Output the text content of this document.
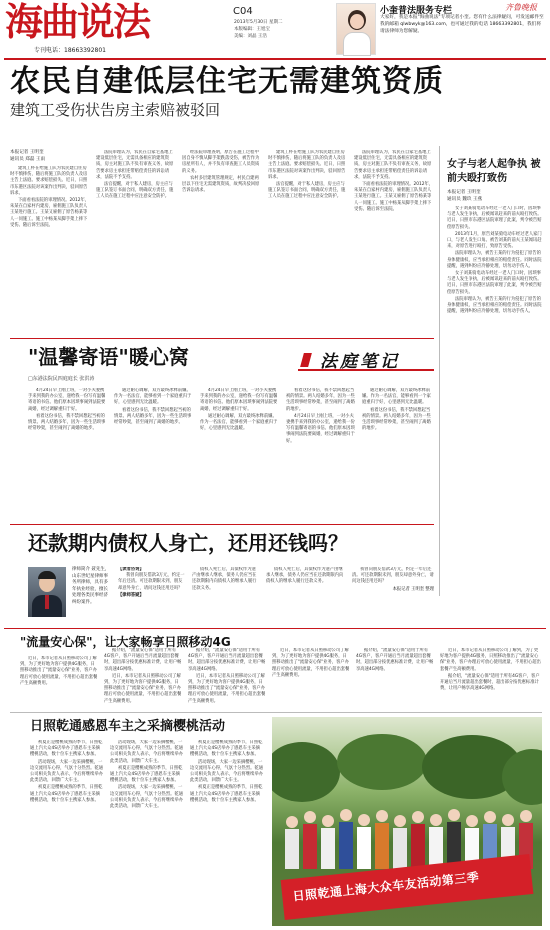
海曲说法
专刊电话：18663392801
C04
2013年5月30日 星期二
本版编辑：王旭宝
美编：刘晶 王浩
小奎普法服务专栏	齐鲁晚报
大家好，我是本报"海曲说法"专项记者小奎。您有什么法律疑问，可发送邮件至我的邮箱 qlwbwyk@163.com，也可通过我的电话 18663392801，我们将请法律师为您解疑。
农民自建低层住宅无需建筑资质
建筑工受伤状告房主索赔被驳回
本报记者 王明奎
通讯员 郑磊 王雨

建筑工杯在给施工队为农民建自住房时不慎摔伤，随后将施工队的负责人及房主告上法庭。要求赔偿损失。近日，日照市东港区法院对该案作出判决，驳回原告诉求。

下面看看法院的审理情况。2012年，朱某在自家村内建房，雇佣施工队负责人王某进行施工。王某又雇佣了原告杨某等人一同施工。施工中杨某从脚手架上摔下受伤。随后诉至法院。

法院审理认为，农民在自家宅基地上建设低层住宅，无需具备相应的建筑资质，房主对施工队不负有审查义务，故原告要求房主承担连带赔偿责任的诉讼请求，法院不予支持。

法官提醒，对于私人建房，房主应与施工队签订书面合同，明确双方责任，施工人员在施工过程中应注意安全防护。

经法院审理查明，原告在施工过程中因自身不慎从脚手架跌落受伤，被告作为房屋所有人，并不负有审查施工人员资质的义务。

农村多层建筑管理规定，村民自建两层以下住宅无需建筑资质，故判决驳回原告诉讼请求。

建筑工杯在给施工队为农民建自住房时不慎摔伤，随后将施工队的负责人及房主告上法庭。要求赔偿损失。近日，日照市东港区法院对该案作出判决，驳回原告诉求。

法官提醒，对于私人建房，房主应与施工队签订书面合同，明确双方责任，施工人员在施工过程中应注意安全防护。

法院审理认为，农民在自家宅基地上建设低层住宅，无需具备相应的建筑资质，房主对施工队不负有审查义务，故原告要求房主承担连带赔偿责任的诉讼请求，法院不予支持。

下面看看法院的审理情况。2012年，朱某在自家村内建房，雇佣施工队负责人王某进行施工。王某又雇佣了原告杨某等人一同施工。施工中杨某从脚手架上摔下受伤。随后诉至法院。

女子与老人起争执 被前夫殴打致伤
本报记者 王明奎
通讯员 魏玖 王燕

女子刘某骑电动车经过一老人门口时，因琐事与老人发生争执，后被闻讯赶来的前夫殴打致伤。近日，日照市东港区法院审理了此案，判令被告赔偿原告损失。

2013年1月，原告刘某骑电动车经过老人家门口，与老人发生口角。被告刘某的前夫王某闻讯赶来，对原告进行殴打，致原告受伤。

法院审理认为，被告王某的行为侵犯了原告的身体健康权，应当承担相应的赔偿责任。同时法院提醒，遇到纠纷应冷静处理，切勿动手伤人。

女子刘某骑电动车经过一老人门口时，因琐事与老人发生争执，后被闻讯赶来的前夫殴打致伤。近日，日照市东港区法院审理了此案，判令被告赔偿原告损失。

法院审理认为，被告王某的行为侵犯了原告的身体健康权，应当承担相应的赔偿责任。同时法院提醒，遇到纠纷应冷静处理，切勿动手伤人。

"温馨寄语"暖心窝
□东港法院民四庭庭长 张洪涛
法庭笔记

4月24日早上刚上班，一对小夫妻携手来到我的办公室，递给我一份写有温馨寄语的书信。他们原本因琐事闹到法院要离婚，经过调解重归于好。

看着这份书信，我不禁回想起当初的情景。两人结婚多年，因为一些生活琐事经常吵架，甚至闹到了离婚的地步。

通过耐心调解，双方最终冰释前嫌。作为一名法官，能够看到一个家庭重归于好，心里感到无比温暖。

看着这份书信，我不禁回想起当初的情景。两人结婚多年，因为一些生活琐事经常吵架，甚至闹到了离婚的地步。

4月24日早上刚上班，一对小夫妻携手来到我的办公室，递给我一份写有温馨寄语的书信。他们原本因琐事闹到法院要离婚，经过调解重归于好。

通过耐心调解，双方最终冰释前嫌。作为一名法官，能够看到一个家庭重归于好，心里感到无比温暖。

看着这份书信，我不禁回想起当初的情景。两人结婚多年，因为一些生活琐事经常吵架，甚至闹到了离婚的地步。

4月24日早上刚上班，一对小夫妻携手来到我的办公室，递给我一份写有温馨寄语的书信。他们原本因琐事闹到法院要离婚，经过调解重归于好。

通过耐心调解，双方最终冰释前嫌。作为一名法官，能够看到一个家庭重归于好，心里感到无比温暖。

看着这份书信，我不禁回想起当初的情景。两人结婚多年，因为一些生活琐事经常吵架，甚至闹到了离婚的地步。

还款期内债权人身亡，还用还钱吗？
律师简介 聂先生，山东世纪星律师事务所律师，具有多年执业经验，擅长处理各类民事经济纠纷案件。
【读者咨询】

我曾向朋友借款3万元，约定一年后还清。可还款期限未到，朋友却意外身亡，请问这钱还用还吗？

【律师答疑】

债权人死亡后，其债权作为遗产由继承人继承，债务人仍应当在还款期限内向债权人的继承人履行还款义务。

债权人死亡后，其债权作为遗产由继承人继承，债务人仍应当在还款期限内向债权人的继承人履行还款义务。

我曾向朋友借款3万元，约定一年后还清。可还款期限未到，朋友却意外身亡，请问这钱还用还吗？

本报记者 王明奎 整理
"流量安心保"，让大家畅享日照移动4G

近日，本市记者从日照移动公司了解到，为了更好地为客户提供4G服务，日照移动推出了"流量安心保"业务，客户办理后可放心使用流量，不用担心超出套餐产生高额费用。

据介绍，"流量安心保"适用于所有4G客户，客户开通后当月流量超出套餐时，超出部分按优惠标准计费，让用户畅享高速4G网络。

近日，本市记者从日照移动公司了解到，为了更好地为客户提供4G服务，日照移动推出了"流量安心保"业务，客户办理后可放心使用流量，不用担心超出套餐产生高额费用。

据介绍，"流量安心保"适用于所有4G客户，客户开通后当月流量超出套餐时，超出部分按优惠标准计费，让用户畅享高速4G网络。

近日，本市记者从日照移动公司了解到，为了更好地为客户提供4G服务，日照移动推出了"流量安心保"业务，客户办理后可放心使用流量，不用担心超出套餐产生高额费用。

近日，本市记者从日照移动公司了解到，为了更好地为客户提供4G服务，日照移动推出了"流量安心保"业务，客户办理后可放心使用流量，不用担心超出套餐产生高额费用。

据介绍，"流量安心保"适用于所有4G客户，客户开通后当月流量超出套餐时，超出部分按优惠标准计费，让用户畅享高速4G网络。

近日，本市记者从日照移动公司了解到，为了更好地为客户提供4G服务，日照移动推出了"流量安心保"业务，客户办理后可放心使用流量，不用担心超出套餐产生高额费用。

据介绍，"流量安心保"适用于所有4G客户，客户开通后当月流量超出套餐时，超出部分按优惠标准计费，让用户畅享高速4G网络。

日照乾通感恩车主之采摘樱桃活动

初夏正是樱桃成熟的季节，日照乾通上汽大众4S店举办了感恩车主采摘樱桃活动，数十位车主携家人参加。

活动现场，大家一边采摘樱桃，一边交流用车心得，气氛十分热烈。乾通公司相关负责人表示，今后将继续举办此类活动，回馈广大车主。

初夏正是樱桃成熟的季节，日照乾通上汽大众4S店举办了感恩车主采摘樱桃活动，数十位车主携家人参加。

活动现场，大家一边采摘樱桃，一边交流用车心得，气氛十分热烈。乾通公司相关负责人表示，今后将继续举办此类活动，回馈广大车主。

初夏正是樱桃成熟的季节，日照乾通上汽大众4S店举办了感恩车主采摘樱桃活动，数十位车主携家人参加。

活动现场，大家一边采摘樱桃，一边交流用车心得，气氛十分热烈。乾通公司相关负责人表示，今后将继续举办此类活动，回馈广大车主。

初夏正是樱桃成熟的季节，日照乾通上汽大众4S店举办了感恩车主采摘樱桃活动，数十位车主携家人参加。

活动现场，大家一边采摘樱桃，一边交流用车心得，气氛十分热烈。乾通公司相关负责人表示，今后将继续举办此类活动，回馈广大车主。

初夏正是樱桃成熟的季节，日照乾通上汽大众4S店举办了感恩车主采摘樱桃活动，数十位车主携家人参加。

日照乾通上海大众车友活动第三季
